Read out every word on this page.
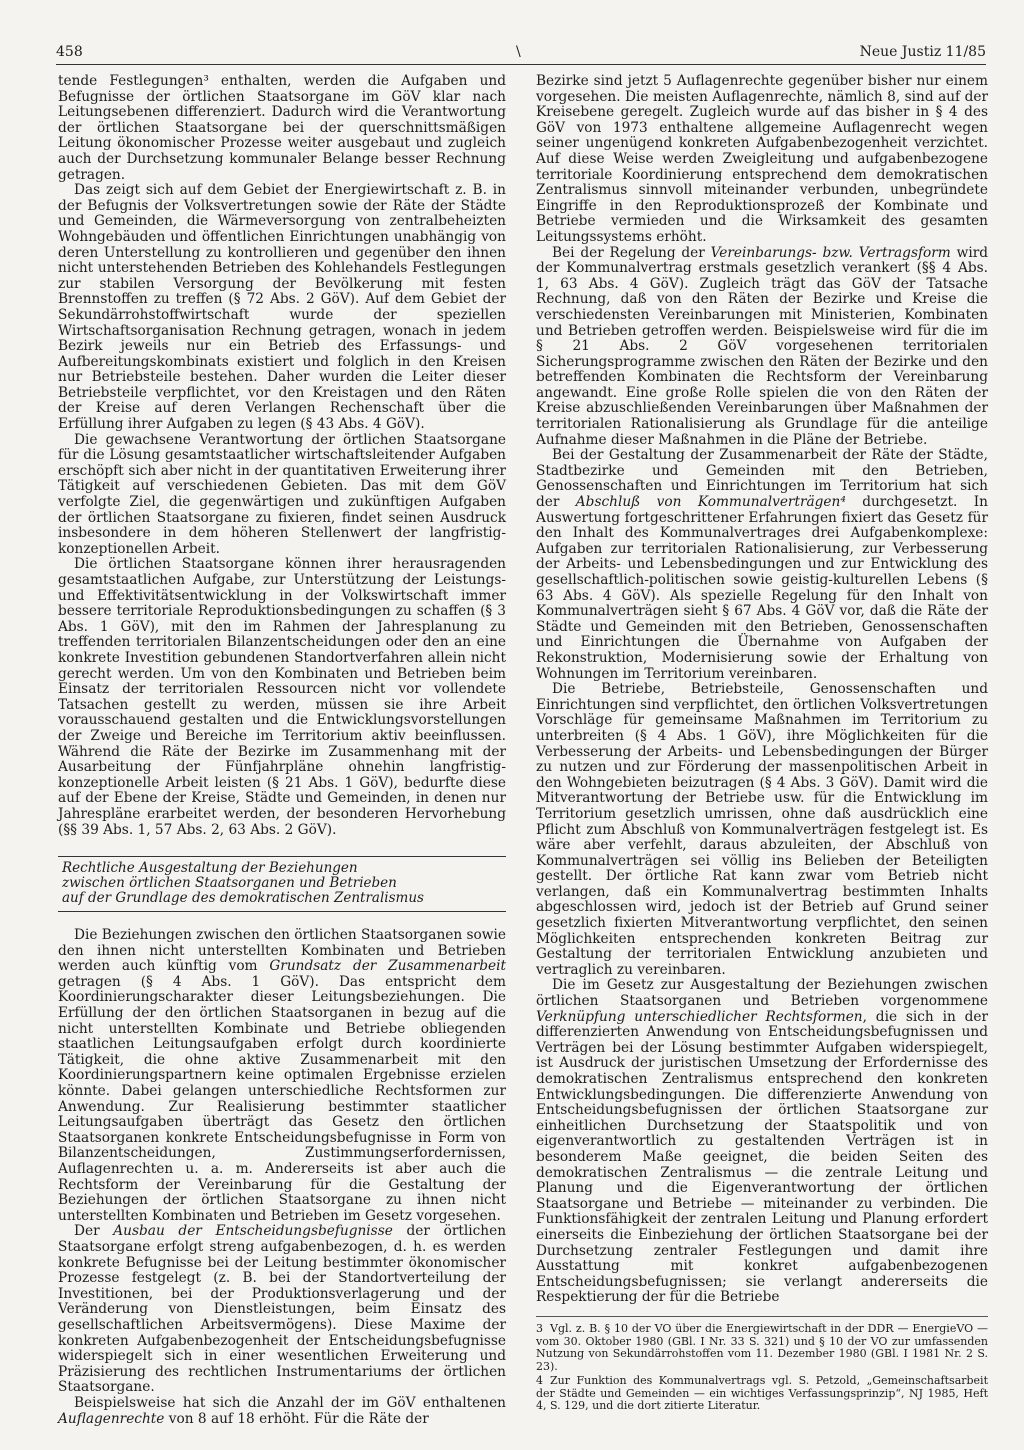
458	\	Neue Justiz 11/85

tende Festlegungen³ enthalten, werden die Aufgaben und Befugnisse der örtlichen Staatsorgane im GöV klar nach Leitungsebenen differenziert. Dadurch wird die Verantwortung der örtlichen Staatsorgane bei der querschnittsmäßigen Leitung ökonomischer Prozesse weiter ausgebaut und zugleich auch der Durchsetzung kommunaler Belange besser Rechnung getragen.

Das zeigt sich auf dem Gebiet der Energiewirtschaft z. B. in der Befugnis der Volksvertretungen sowie der Räte der Städte und Gemeinden, die Wärmeversorgung von zentralbeheizten Wohngebäuden und öffentlichen Einrichtungen unabhängig von deren Unterstellung zu kontrollieren und gegenüber den ihnen nicht unterstehenden Betrieben des Kohlehandels Festlegungen zur stabilen Versorgung der Bevölkerung mit festen Brennstoffen zu treffen (§ 72 Abs. 2 GöV). Auf dem Gebiet der Sekundärrohstoffwirtschaft wurde der speziellen Wirtschaftsorganisation Rechnung getragen, wonach in jedem Bezirk jeweils nur ein Betrieb des Erfassungs- und Aufbereitungskombinats existiert und folglich in den Kreisen nur Betriebsteile bestehen. Daher wurden die Leiter dieser Betriebsteile verpflichtet, vor den Kreistagen und den Räten der Kreise auf deren Verlangen Rechenschaft über die Erfüllung ihrer Aufgaben zu legen (§ 43 Abs. 4 GöV).

Die gewachsene Verantwortung der örtlichen Staatsorgane für die Lösung gesamtstaatlicher wirtschaftsleitender Aufgaben erschöpft sich aber nicht in der quantitativen Erweiterung ihrer Tätigkeit auf verschiedenen Gebieten. Das mit dem GöV verfolgte Ziel, die gegenwärtigen und zukünftigen Aufgaben der örtlichen Staatsorgane zu fixieren, findet seinen Ausdruck insbesondere in dem höheren Stellenwert der langfristig-konzeptionellen Arbeit.

Die örtlichen Staatsorgane können ihrer herausragenden gesamtstaatlichen Aufgabe, zur Unterstützung der Leistungs- und Effektivitätsentwicklung in der Volkswirtschaft immer bessere territoriale Reproduktionsbedingungen zu schaffen (§ 3 Abs. 1 GöV), mit den im Rahmen der Jahresplanung zu treffenden territorialen Bilanzentscheidungen oder den an eine konkrete Investition gebundenen Standortverfahren allein nicht gerecht werden. Um von den Kombinaten und Betrieben beim Einsatz der territorialen Ressourcen nicht vor vollendete Tatsachen gestellt zu werden, müssen sie ihre Arbeit vorausschauend gestalten und die Entwicklungsvorstellungen der Zweige und Bereiche im Territorium aktiv beeinflussen. Während die Räte der Bezirke im Zusammenhang mit der Ausarbeitung der Fünfjahrpläne ohnehin langfristig-konzeptionelle Arbeit leisten (§ 21 Abs. 1 GöV), bedurfte diese auf der Ebene der Kreise, Städte und Gemeinden, in denen nur Jahrespläne erarbeitet werden, der besonderen Hervorhebung (§§ 39 Abs. 1, 57 Abs. 2, 63 Abs. 2 GöV).

Rechtliche Ausgestaltung der Beziehungen
zwischen örtlichen Staatsorganen und Betrieben
auf der Grundlage des demokratischen Zentralismus

Die Beziehungen zwischen den örtlichen Staatsorganen sowie den ihnen nicht unterstellten Kombinaten und Betrieben werden auch künftig vom Grundsatz der Zusammenarbeit getragen (§ 4 Abs. 1 GöV). Das entspricht dem Koordinierungscharakter dieser Leitungsbeziehungen. Die Erfüllung der den örtlichen Staatsorganen in bezug auf die nicht unterstellten Kombinate und Betriebe obliegenden staatlichen Leitungsaufgaben erfolgt durch koordinierte Tätigkeit, die ohne aktive Zusammenarbeit mit den Koordinierungspartnern keine optimalen Ergebnisse erzielen könnte. Dabei gelangen unterschiedliche Rechtsformen zur Anwendung. Zur Realisierung bestimmter staatlicher Leitungsaufgaben überträgt das Gesetz den örtlichen Staatsorganen konkrete Entscheidungsbefugnisse in Form von Bilanzentscheidungen, Zustimmungserfordernissen, Auflagenrechten u. a. m. Andererseits ist aber auch die Rechtsform der Vereinbarung für die Gestaltung der Beziehungen der örtlichen Staatsorgane zu ihnen nicht unterstellten Kombinaten und Betrieben im Gesetz vorgesehen.

Der Ausbau der Entscheidungsbefugnisse der örtlichen Staatsorgane erfolgt streng aufgabenbezogen, d. h. es werden konkrete Befugnisse bei der Leitung bestimmter ökonomischer Prozesse festgelegt (z. B. bei der Standortverteilung der Investitionen, bei der Produktionsverlagerung und der Veränderung von Dienstleistungen, beim Einsatz des gesellschaftlichen Arbeitsvermögens). Diese Maxime der konkreten Aufgabenbezogenheit der Entscheidungsbefugnisse widerspiegelt sich in einer wesentlichen Erweiterung und Präzisierung des rechtlichen Instrumentariums der örtlichen Staatsorgane.

Beispielsweise hat sich die Anzahl der im GöV enthaltenen Auflagenrechte von 8 auf 18 erhöht. Für die Räte der

Bezirke sind jetzt 5 Auflagenrechte gegenüber bisher nur einem vorgesehen. Die meisten Auflagenrechte, nämlich 8, sind auf der Kreisebene geregelt. Zugleich wurde auf das bisher in § 4 des GöV von 1973 enthaltene allgemeine Auflagenrecht wegen seiner ungenügend konkreten Aufgabenbezogenheit verzichtet. Auf diese Weise werden Zweigleitung und aufgabenbezogene territoriale Koordinierung entsprechend dem demokratischen Zentralismus sinnvoll miteinander verbunden, unbegründete Eingriffe in den Reproduktionsprozeß der Kombinate und Betriebe vermieden und die Wirksamkeit des gesamten Leitungssystems erhöht.

Bei der Regelung der Vereinbarungs- bzw. Vertragsform wird der Kommunalvertrag erstmals gesetzlich verankert (§§ 4 Abs. 1, 63 Abs. 4 GöV). Zugleich trägt das GöV der Tatsache Rechnung, daß von den Räten der Bezirke und Kreise die verschiedensten Vereinbarungen mit Ministerien, Kombinaten und Betrieben getroffen werden. Beispielsweise wird für die im § 21 Abs. 2 GöV vorgesehenen territorialen Sicherungsprogramme zwischen den Räten der Bezirke und den betreffenden Kombinaten die Rechtsform der Vereinbarung angewandt. Eine große Rolle spielen die von den Räten der Kreise abzuschließenden Vereinbarungen über Maßnahmen der territorialen Rationalisierung als Grundlage für die anteilige Aufnahme dieser Maßnahmen in die Pläne der Betriebe.

Bei der Gestaltung der Zusammenarbeit der Räte der Städte, Stadtbezirke und Gemeinden mit den Betrieben, Genossenschaften und Einrichtungen im Territorium hat sich der Abschluß von Kommunalverträgen⁴ durchgesetzt. In Auswertung fortgeschrittener Erfahrungen fixiert das Gesetz für den Inhalt des Kommunalvertrages drei Aufgabenkomplexe: Aufgaben zur territorialen Rationalisierung, zur Verbesserung der Arbeits- und Lebensbedingungen und zur Entwicklung des gesellschaftlich-politischen sowie geistig-kulturellen Lebens (§ 63 Abs. 4 GöV). Als spezielle Regelung für den Inhalt von Kommunalverträgen sieht § 67 Abs. 4 GöV vor, daß die Räte der Städte und Gemeinden mit den Betrieben, Genossenschaften und Einrichtungen die Übernahme von Aufgaben der Rekonstruktion, Modernisierung sowie der Erhaltung von Wohnungen im Territorium vereinbaren.

Die Betriebe, Betriebsteile, Genossenschaften und Einrichtungen sind verpflichtet, den örtlichen Volksvertretungen Vorschläge für gemeinsame Maßnahmen im Territorium zu unterbreiten (§ 4 Abs. 1 GöV), ihre Möglichkeiten für die Verbesserung der Arbeits- und Lebensbedingungen der Bürger zu nutzen und zur Förderung der massenpolitischen Arbeit in den Wohngebieten beizutragen (§ 4 Abs. 3 GöV). Damit wird die Mitverantwortung der Betriebe usw. für die Entwicklung im Territorium gesetzlich umrissen, ohne daß ausdrücklich eine Pflicht zum Abschluß von Kommunalverträgen festgelegt ist. Es wäre aber verfehlt, daraus abzuleiten, der Abschluß von Kommunalverträgen sei völlig ins Belieben der Beteiligten gestellt. Der örtliche Rat kann zwar vom Betrieb nicht verlangen, daß ein Kommunalvertrag bestimmten Inhalts abgeschlossen wird, jedoch ist der Betrieb auf Grund seiner gesetzlich fixierten Mitverantwortung verpflichtet, den seinen Möglichkeiten entsprechenden konkreten Beitrag zur Gestaltung der territorialen Entwicklung anzubieten und vertraglich zu vereinbaren.

Die im Gesetz zur Ausgestaltung der Beziehungen zwischen örtlichen Staatsorganen und Betrieben vorgenommene Verknüpfung unterschiedlicher Rechtsformen, die sich in der differenzierten Anwendung von Entscheidungsbefugnissen und Verträgen bei der Lösung bestimmter Aufgaben widerspiegelt, ist Ausdruck der juristischen Umsetzung der Erfordernisse des demokratischen Zentralismus entsprechend den konkreten Entwicklungsbedingungen. Die differenzierte Anwendung von Entscheidungsbefugnissen der örtlichen Staatsorgane zur einheitlichen Durchsetzung der Staatspolitik und von eigenverantwortlich zu gestaltenden Verträgen ist in besonderem Maße geeignet, die beiden Seiten des demokratischen Zentralismus — die zentrale Leitung und Planung und die Eigenverantwortung der örtlichen Staatsorgane und Betriebe — miteinander zu verbinden. Die Funktionsfähigkeit der zentralen Leitung und Planung erfordert einerseits die Einbeziehung der örtlichen Staatsorgane bei der Durchsetzung zentraler Festlegungen und damit ihre Ausstattung mit konkret aufgabenbezogenen Entscheidungsbefugnissen; sie verlangt andererseits die Respektierung der für die Betriebe

3 Vgl. z. B. § 10 der VO über die Energiewirtschaft in der DDR — EnergieVO — vom 30. Oktober 1980 (GBl. I Nr. 33 S. 321) und § 10 der VO zur umfassenden Nutzung von Sekundärrohstoffen vom 11. Dezember 1980 (GBl. I 1981 Nr. 2 S. 23).

4 Zur Funktion des Kommunalvertrags vgl. S. Petzold, „Gemeinschaftsarbeit der Städte und Gemeinden — ein wichtiges Verfassungsprinzip“, NJ 1985, Heft 4, S. 129, und die dort zitierte Literatur.
